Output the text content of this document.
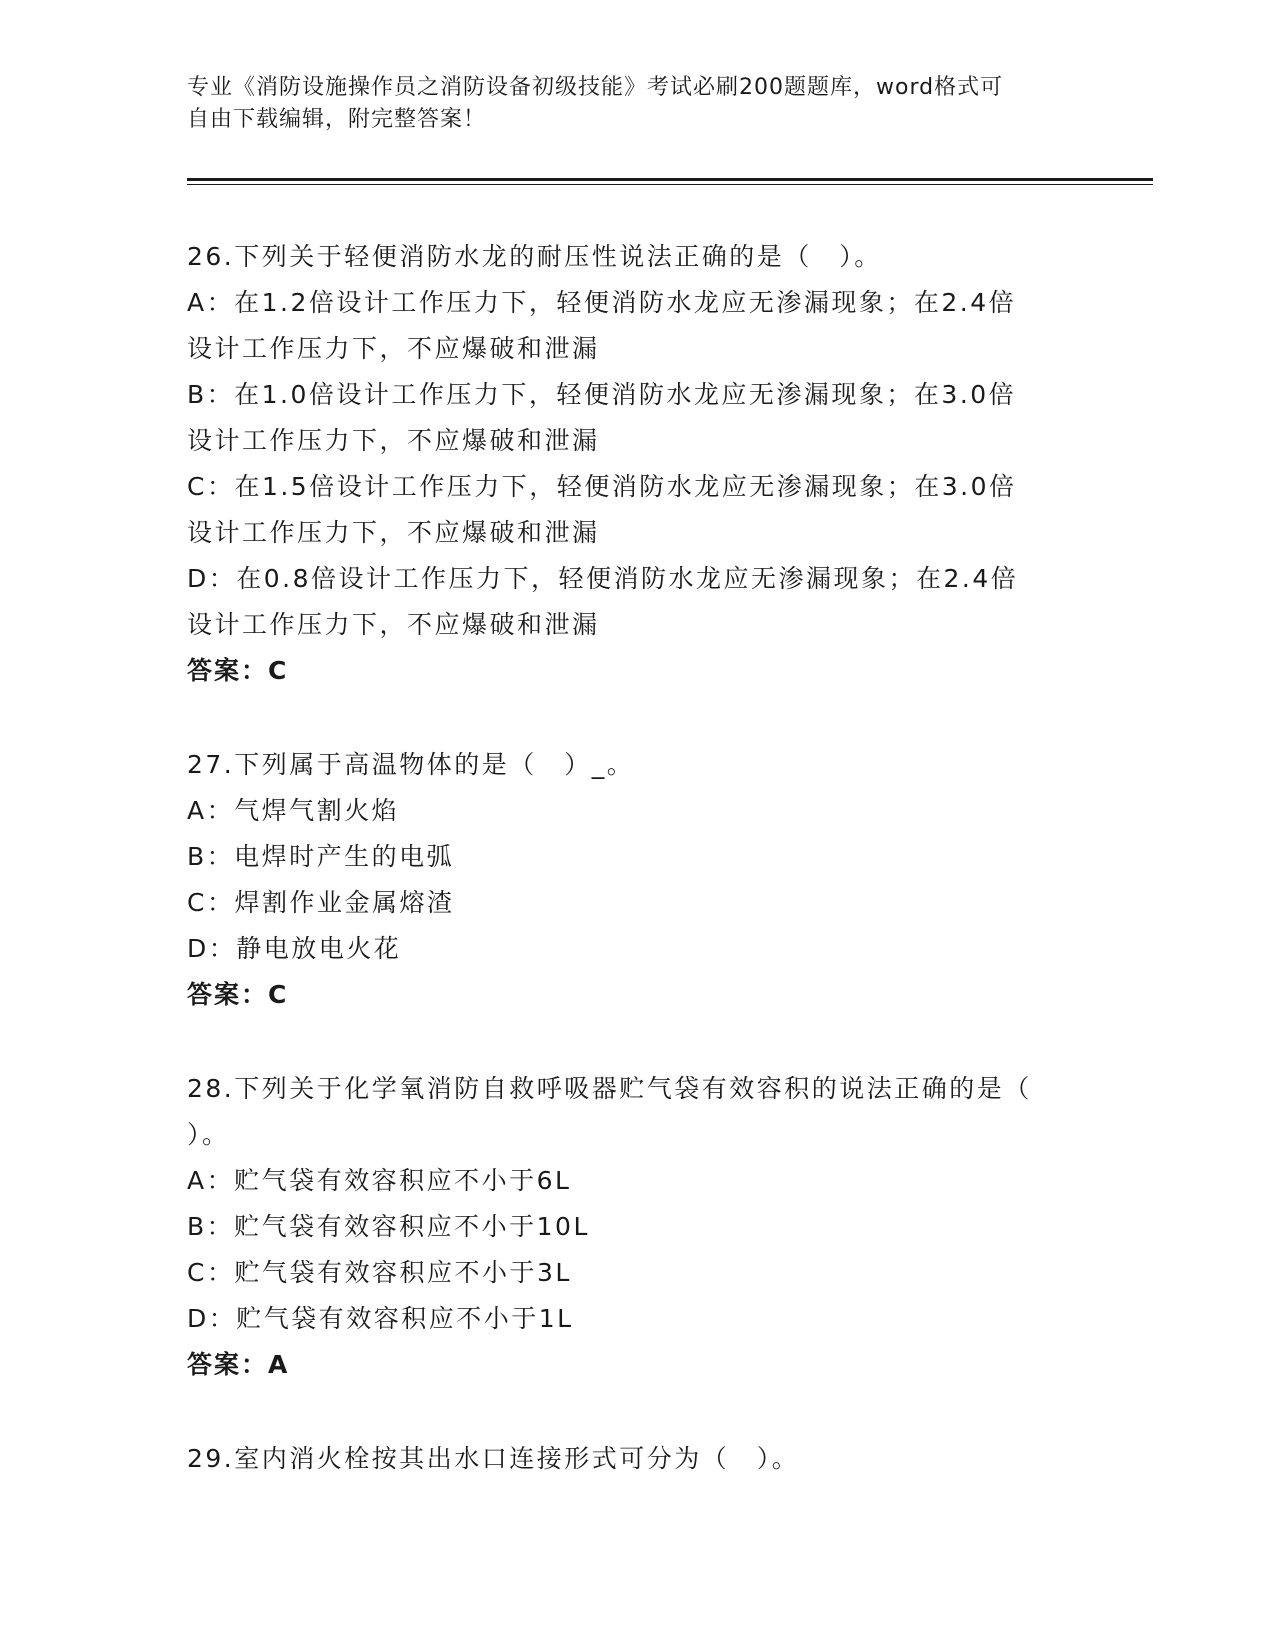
专业《消防设施操作员之消防设备初级技能》考试必刷200题题库，word格式可
自由下载编辑，附完整答案！
26.下列关于轻便消防水龙的耐压性说法正确的是（　）。
A：在1.2倍设计工作压力下，轻便消防水龙应无渗漏现象；在2.4倍
设计工作压力下，不应爆破和泄漏
B：在1.0倍设计工作压力下，轻便消防水龙应无渗漏现象；在3.0倍
设计工作压力下，不应爆破和泄漏
C：在1.5倍设计工作压力下，轻便消防水龙应无渗漏现象；在3.0倍
设计工作压力下，不应爆破和泄漏
D：在0.8倍设计工作压力下，轻便消防水龙应无渗漏现象；在2.4倍
设计工作压力下，不应爆破和泄漏
答案：C
27.下列属于高温物体的是（　）_。
A：气焊气割火焰
B：电焊时产生的电弧
C：焊割作业金属熔渣
D：静电放电火花
答案：C
28.下列关于化学氧消防自救呼吸器贮气袋有效容积的说法正确的是（
）。
A：贮气袋有效容积应不小于6L
B：贮气袋有效容积应不小于10L
C：贮气袋有效容积应不小于3L
D：贮气袋有效容积应不小于1L
答案：A
29.室内消火栓按其出水口连接形式可分为（　）。
